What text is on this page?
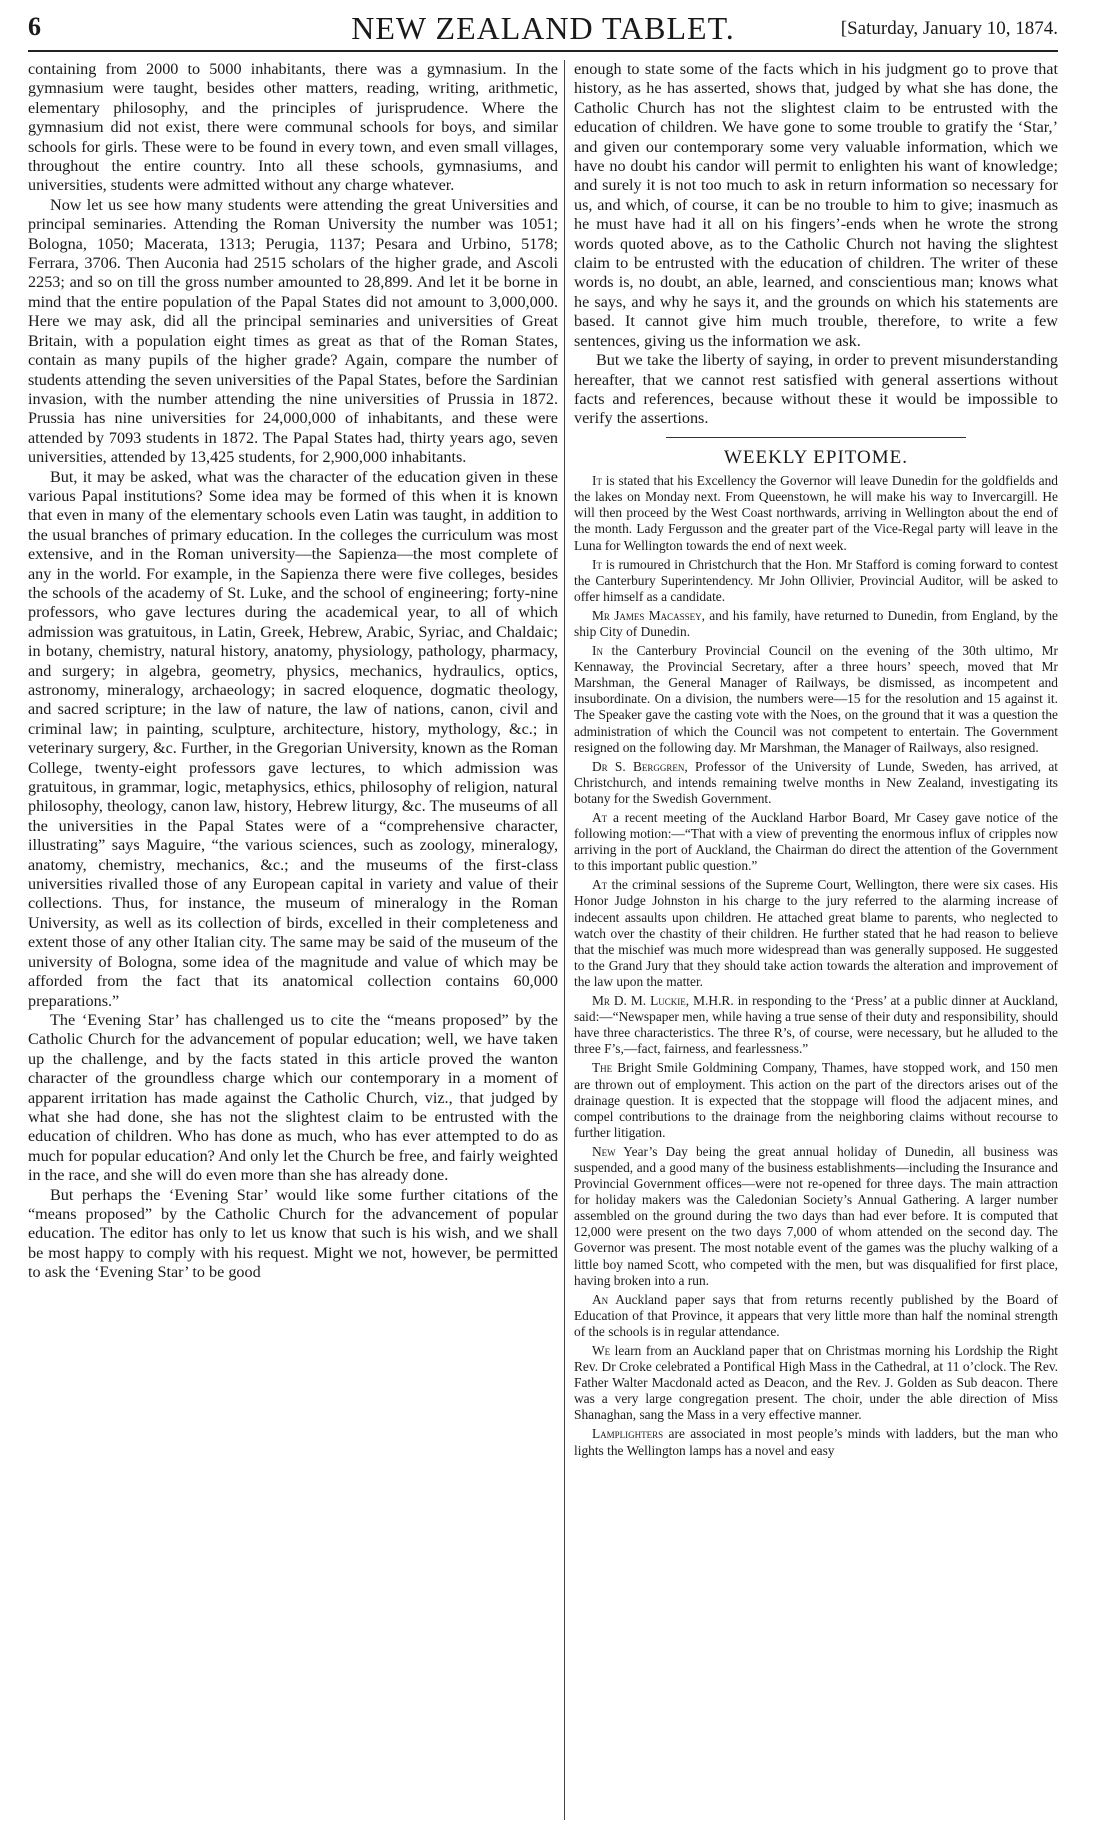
6	NEW ZEALAND TABLET.	[Saturday, January 10, 1874.

containing from 2000 to 5000 inhabitants, there was a gymnasium. In the gymnasium were taught, besides other matters, reading, writing, arithmetic, elementary philosophy, and the principles of jurisprudence. Where the gymnasium did not exist, there were communal schools for boys, and similar schools for girls. These were to be found in every town, and even small villages, throughout the entire country. Into all these schools, gymnasiums, and universities, students were admitted without any charge whatever.

Now let us see how many students were attending the great Universities and principal seminaries. Attending the Roman University the number was 1051; Bologna, 1050; Macerata, 1313; Perugia, 1137; Pesara and Urbino, 5178; Ferrara, 3706. Then Auconia had 2515 scholars of the higher grade, and Ascoli 2253; and so on till the gross number amounted to 28,899. And let it be borne in mind that the entire population of the Papal States did not amount to 3,000,000. Here we may ask, did all the principal seminaries and universities of Great Britain, with a population eight times as great as that of the Roman States, contain as many pupils of the higher grade? Again, compare the number of students attending the seven universities of the Papal States, before the Sardinian invasion, with the number attending the nine universities of Prussia in 1872. Prussia has nine universities for 24,000,000 of inhabitants, and these were attended by 7093 students in 1872. The Papal States had, thirty years ago, seven universities, attended by 13,425 students, for 2,900,000 inhabitants.

But, it may be asked, what was the character of the education given in these various Papal institutions? Some idea may be formed of this when it is known that even in many of the elementary schools even Latin was taught, in addition to the usual branches of primary education. In the colleges the curriculum was most extensive, and in the Roman university—the Sapienza—the most complete of any in the world. For example, in the Sapienza there were five colleges, besides the schools of the academy of St. Luke, and the school of engineering; forty-nine professors, who gave lectures during the academical year, to all of which admission was gratuitous, in Latin, Greek, Hebrew, Arabic, Syriac, and Chaldaic; in botany, chemistry, natural history, anatomy, physiology, pathology, pharmacy, and surgery; in algebra, geometry, physics, mechanics, hydraulics, optics, astronomy, mineralogy, archaeology; in sacred eloquence, dogmatic theology, and sacred scripture; in the law of nature, the law of nations, canon, civil and criminal law; in painting, sculpture, architecture, history, mythology, &c.; in veterinary surgery, &c. Further, in the Gregorian University, known as the Roman College, twenty-eight professors gave lectures, to which admission was gratuitous, in grammar, logic, metaphysics, ethics, philosophy of religion, natural philosophy, theology, canon law, history, Hebrew liturgy, &c. The museums of all the universities in the Papal States were of a “comprehensive character, illustrating” says Maguire, “the various sciences, such as zoology, mineralogy, anatomy, chemistry, mechanics, &c.; and the museums of the first-class universities rivalled those of any European capital in variety and value of their collections. Thus, for instance, the museum of mineralogy in the Roman University, as well as its collection of birds, excelled in their completeness and extent those of any other Italian city. The same may be said of the museum of the university of Bologna, some idea of the magnitude and value of which may be afforded from the fact that its anatomical collection contains 60,000 preparations.”

The ‘Evening Star’ has challenged us to cite the “means proposed” by the Catholic Church for the advancement of popular education; well, we have taken up the challenge, and by the facts stated in this article proved the wanton character of the groundless charge which our contemporary in a moment of apparent irritation has made against the Catholic Church, viz., that judged by what she had done, she has not the slightest claim to be entrusted with the education of children. Who has done as much, who has ever attempted to do as much for popular education? And only let the Church be free, and fairly weighted in the race, and she will do even more than she has already done.

But perhaps the ‘Evening Star’ would like some further citations of the “means proposed” by the Catholic Church for the advancement of popular education. The editor has only to let us know that such is his wish, and we shall be most happy to comply with his request. Might we not, however, be permitted to ask the ‘Evening Star’ to be good

enough to state some of the facts which in his judgment go to prove that history, as he has asserted, shows that, judged by what she has done, the Catholic Church has not the slightest claim to be entrusted with the education of children. We have gone to some trouble to gratify the ‘Star,’ and given our contemporary some very valuable information, which we have no doubt his candor will permit to enlighten his want of knowledge; and surely it is not too much to ask in return information so necessary for us, and which, of course, it can be no trouble to him to give; inasmuch as he must have had it all on his fingers’-ends when he wrote the strong words quoted above, as to the Catholic Church not having the slightest claim to be entrusted with the education of children. The writer of these words is, no doubt, an able, learned, and conscientious man; knows what he says, and why he says it, and the grounds on which his statements are based. It cannot give him much trouble, therefore, to write a few sentences, giving us the information we ask.

But we take the liberty of saying, in order to prevent misunderstanding hereafter, that we cannot rest satisfied with general assertions without facts and references, because without these it would be impossible to verify the assertions.

WEEKLY EPITOME.

It is stated that his Excellency the Governor will leave Dunedin for the goldfields and the lakes on Monday next. From Queenstown, he will make his way to Invercargill. He will then proceed by the West Coast northwards, arriving in Wellington about the end of the month. Lady Fergusson and the greater part of the Vice-Regal party will leave in the Luna for Wellington towards the end of next week.

It is rumoured in Christchurch that the Hon. Mr Stafford is coming forward to contest the Canterbury Superintendency. Mr John Ollivier, Provincial Auditor, will be asked to offer himself as a candidate.

Mr James Macassey, and his family, have returned to Dunedin, from England, by the ship City of Dunedin.

In the Canterbury Provincial Council on the evening of the 30th ultimo, Mr Kennaway, the Provincial Secretary, after a three hours’ speech, moved that Mr Marshman, the General Manager of Railways, be dismissed, as incompetent and insubordinate. On a division, the numbers were—15 for the resolution and 15 against it. The Speaker gave the casting vote with the Noes, on the ground that it was a question the administration of which the Council was not competent to entertain. The Government resigned on the following day. Mr Marshman, the Manager of Railways, also resigned.

Dr S. Berggren, Professor of the University of Lunde, Sweden, has arrived, at Christchurch, and intends remaining twelve months in New Zealand, investigating its botany for the Swedish Government.

At a recent meeting of the Auckland Harbor Board, Mr Casey gave notice of the following motion:—“That with a view of preventing the enormous influx of cripples now arriving in the port of Auckland, the Chairman do direct the attention of the Government to this important public question.”

At the criminal sessions of the Supreme Court, Wellington, there were six cases. His Honor Judge Johnston in his charge to the jury referred to the alarming increase of indecent assaults upon children. He attached great blame to parents, who neglected to watch over the chastity of their children. He further stated that he had reason to believe that the mischief was much more widespread than was generally supposed. He suggested to the Grand Jury that they should take action towards the alteration and improvement of the law upon the matter.

Mr D. M. Luckie, M.H.R. in responding to the ‘Press’ at a public dinner at Auckland, said:—“Newspaper men, while having a true sense of their duty and responsibility, should have three characteristics. The three R’s, of course, were necessary, but he alluded to the three F’s,—fact, fairness, and fearlessness.”

The Bright Smile Goldmining Company, Thames, have stopped work, and 150 men are thrown out of employment. This action on the part of the directors arises out of the drainage question. It is expected that the stoppage will flood the adjacent mines, and compel contributions to the drainage from the neighboring claims without recourse to further litigation.

New Year’s Day being the great annual holiday of Dunedin, all business was suspended, and a good many of the business establishments—including the Insurance and Provincial Government offices—were not re-opened for three days. The main attraction for holiday makers was the Caledonian Society’s Annual Gathering. A larger number assembled on the ground during the two days than had ever before. It is computed that 12,000 were present on the two days 7,000 of whom attended on the second day. The Governor was present. The most notable event of the games was the pluchy walking of a little boy named Scott, who competed with the men, but was disqualified for first place, having broken into a run.

An Auckland paper says that from returns recently published by the Board of Education of that Province, it appears that very little more than half the nominal strength of the schools is in regular attendance.

We learn from an Auckland paper that on Christmas morning his Lordship the Right Rev. Dr Croke celebrated a Pontifical High Mass in the Cathedral, at 11 o’clock. The Rev. Father Walter Macdonald acted as Deacon, and the Rev. J. Golden as Sub deacon. There was a very large congregation present. The choir, under the able direction of Miss Shanaghan, sang the Mass in a very effective manner.

Lamplighters are associated in most people’s minds with ladders, but the man who lights the Wellington lamps has a novel and easy
